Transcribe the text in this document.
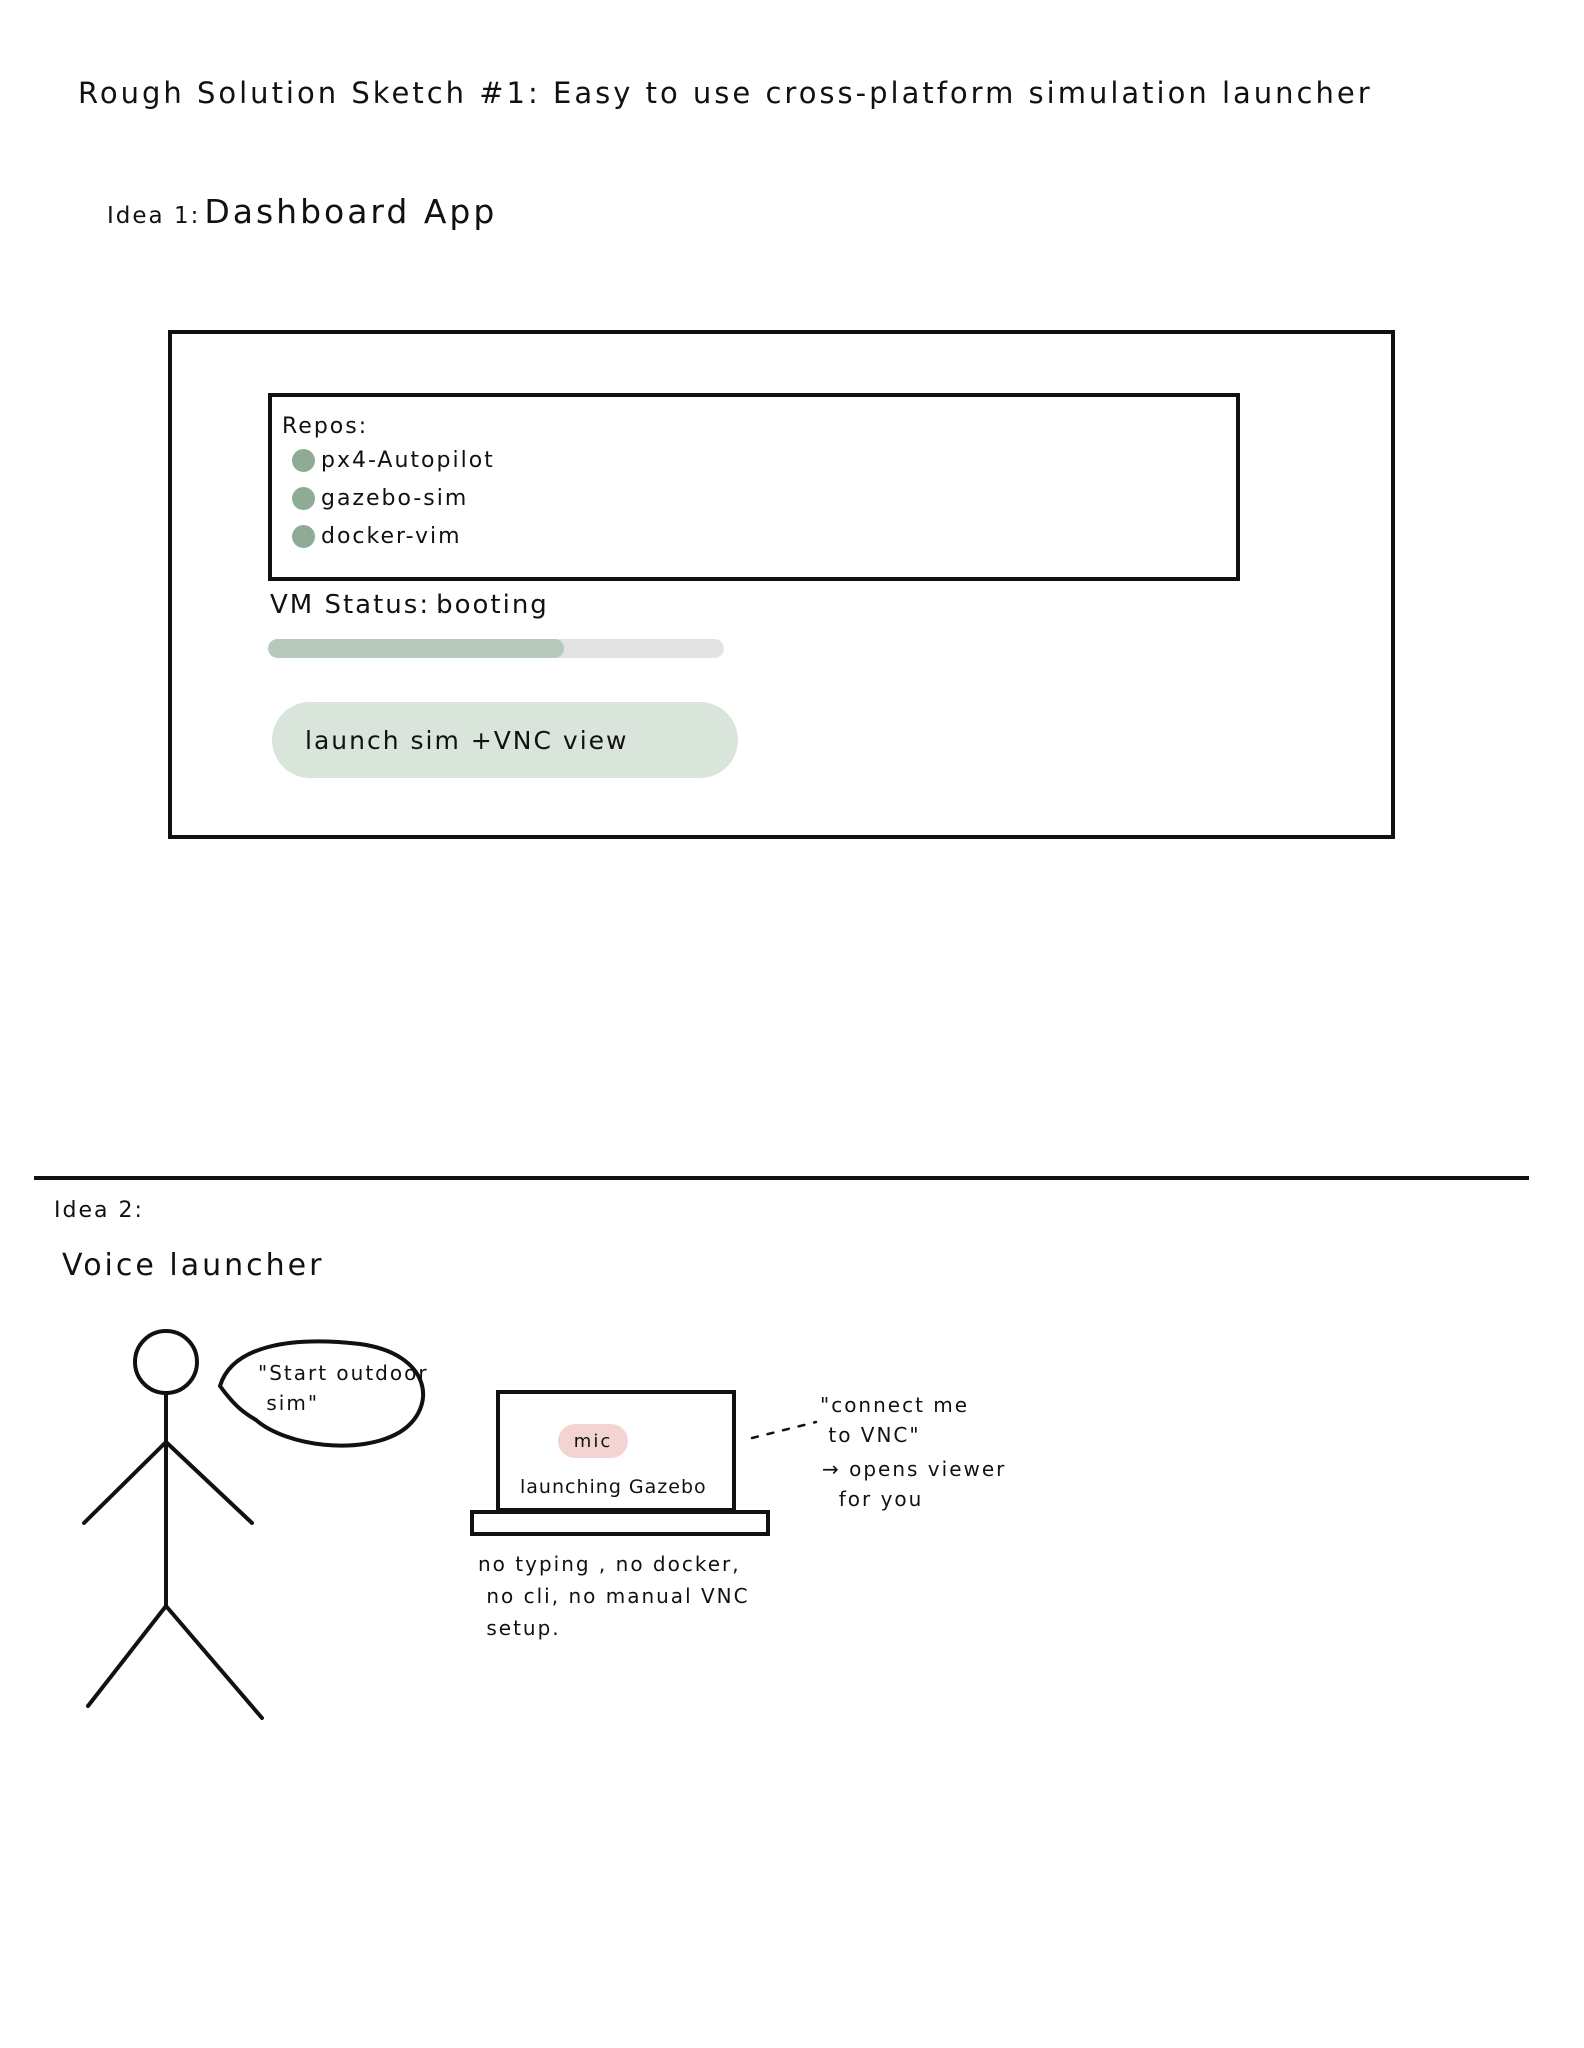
Rough Solution Sketch #1: Easy to use cross-platform simulation launcher
Idea 1: Dashboard App
Repos:
px4-Autopilot
gazebo-sim
docker-vim
VM Status: booting
launch sim +VNC view
Idea 2:
Voice launcher
"Start outdoor
sim"
mic
launching Gazebo
no typing , no docker,
no cli, no manual VNC
setup.
"connect me
to VNC"
→ opens viewer
for you
